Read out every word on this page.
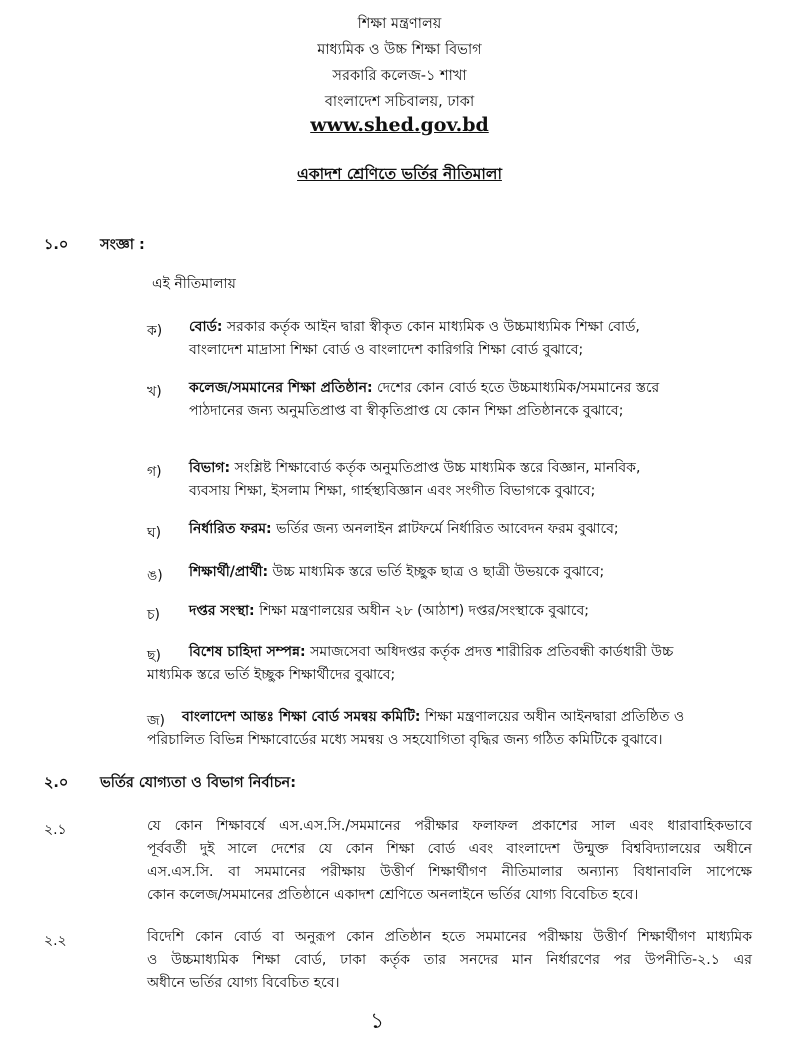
শিক্ষা মন্ত্রণালয়
মাধ্যমিক ও উচ্চ শিক্ষা বিভাগ
সরকারি কলেজ-১ শাখা
বাংলাদেশ সচিবালয়, ঢাকা
www.shed.gov.bd
একাদশ শ্রেণিতে ভর্তির নীতিমালা
১.০ সংজ্ঞা :
এই নীতিমালায়
ক) বোর্ড: সরকার কর্তৃক আইন দ্বারা স্বীকৃত কোন মাধ্যমিক ও উচ্চমাধ্যমিক শিক্ষা বোর্ড,
বাংলাদেশ মাদ্রাসা শিক্ষা বোর্ড ও বাংলাদেশ কারিগরি শিক্ষা বোর্ড বুঝাবে;
খ) কলেজ/সমমানের শিক্ষা প্রতিষ্ঠান: দেশের কোন বোর্ড হতে উচ্চমাধ্যমিক/সমমানের স্তরে
পাঠদানের জন্য অনুমতিপ্রাপ্ত বা স্বীকৃতিপ্রাপ্ত যে কোন শিক্ষা প্রতিষ্ঠানকে বুঝাবে;
গ) বিভাগ: সংশ্লিষ্ট শিক্ষাবোর্ড কর্তৃক অনুমতিপ্রাপ্ত উচ্চ মাধ্যমিক স্তরে বিজ্ঞান, মানবিক,
ব্যবসায় শিক্ষা, ইসলাম শিক্ষা, গার্হস্থ্যবিজ্ঞান এবং সংগীত বিভাগকে বুঝাবে;
ঘ) নির্ধারিত ফরম: ভর্তির জন্য অনলাইন প্লাটফর্মে নির্ধারিত আবেদন ফরম বুঝাবে;
ঙ) শিক্ষার্থী/প্রার্থী: উচ্চ মাধ্যমিক স্তরে ভর্তি ইচ্ছুক ছাত্র ও ছাত্রী উভয়কে বুঝাবে;
চ) দপ্তর সংস্থা: শিক্ষা মন্ত্রণালয়ের অধীন ২৮ (আঠাশ) দপ্তর/সংস্থাকে বুঝাবে;
ছ) বিশেষ চাহিদা সম্পন্ন: সমাজসেবা অধিদপ্তর কর্তৃক প্রদত্ত শারীরিক প্রতিবন্ধী কার্ডধারী উচ্চ
মাধ্যমিক স্তরে ভর্তি ইচ্ছুক শিক্ষার্থীদের বুঝাবে;
জ) বাংলাদেশ আন্তঃ শিক্ষা বোর্ড সমন্বয় কমিটি: শিক্ষা মন্ত্রণালয়ের অধীন আইনদ্বারা প্রতিষ্ঠিত ও
পরিচালিত বিভিন্ন শিক্ষাবোর্ডের মধ্যে সমন্বয় ও সহযোগিতা বৃদ্ধির জন্য গঠিত কমিটিকে বুঝাবে।
২.০ ভর্তির যোগ্যতা ও বিভাগ নির্বাচন:
২.১	যে কোন শিক্ষাবর্ষে এস.এস.সি./সমমানের পরীক্ষার ফলাফল প্রকাশের সাল এবং ধারাবাহিকভাবে
পূর্ববর্তী দুই সালে দেশের যে কোন শিক্ষা বোর্ড এবং বাংলাদেশ উন্মুক্ত বিশ্ববিদ্যালয়ের অধীনে
এস.এস.সি. বা সমমানের পরীক্ষায় উত্তীর্ণ শিক্ষার্থীগণ নীতিমালার অন্যান্য বিধানাবলি সাপেক্ষে
কোন কলেজ/সমমানের প্রতিষ্ঠানে একাদশ শ্রেণিতে অনলাইনে ভর্তির যোগ্য বিবেচিত হবে।
২.২	বিদেশি কোন বোর্ড বা অনুরূপ কোন প্রতিষ্ঠান হতে সমমানের পরীক্ষায় উত্তীর্ণ শিক্ষার্থীগণ মাধ্যমিক
ও উচ্চমাধ্যমিক শিক্ষা বোর্ড, ঢাকা কর্তৃক তার সনদের মান নির্ধারণের পর উপনীতি-২.১ এর
অধীনে ভর্তির যোগ্য বিবেচিত হবে।
১
